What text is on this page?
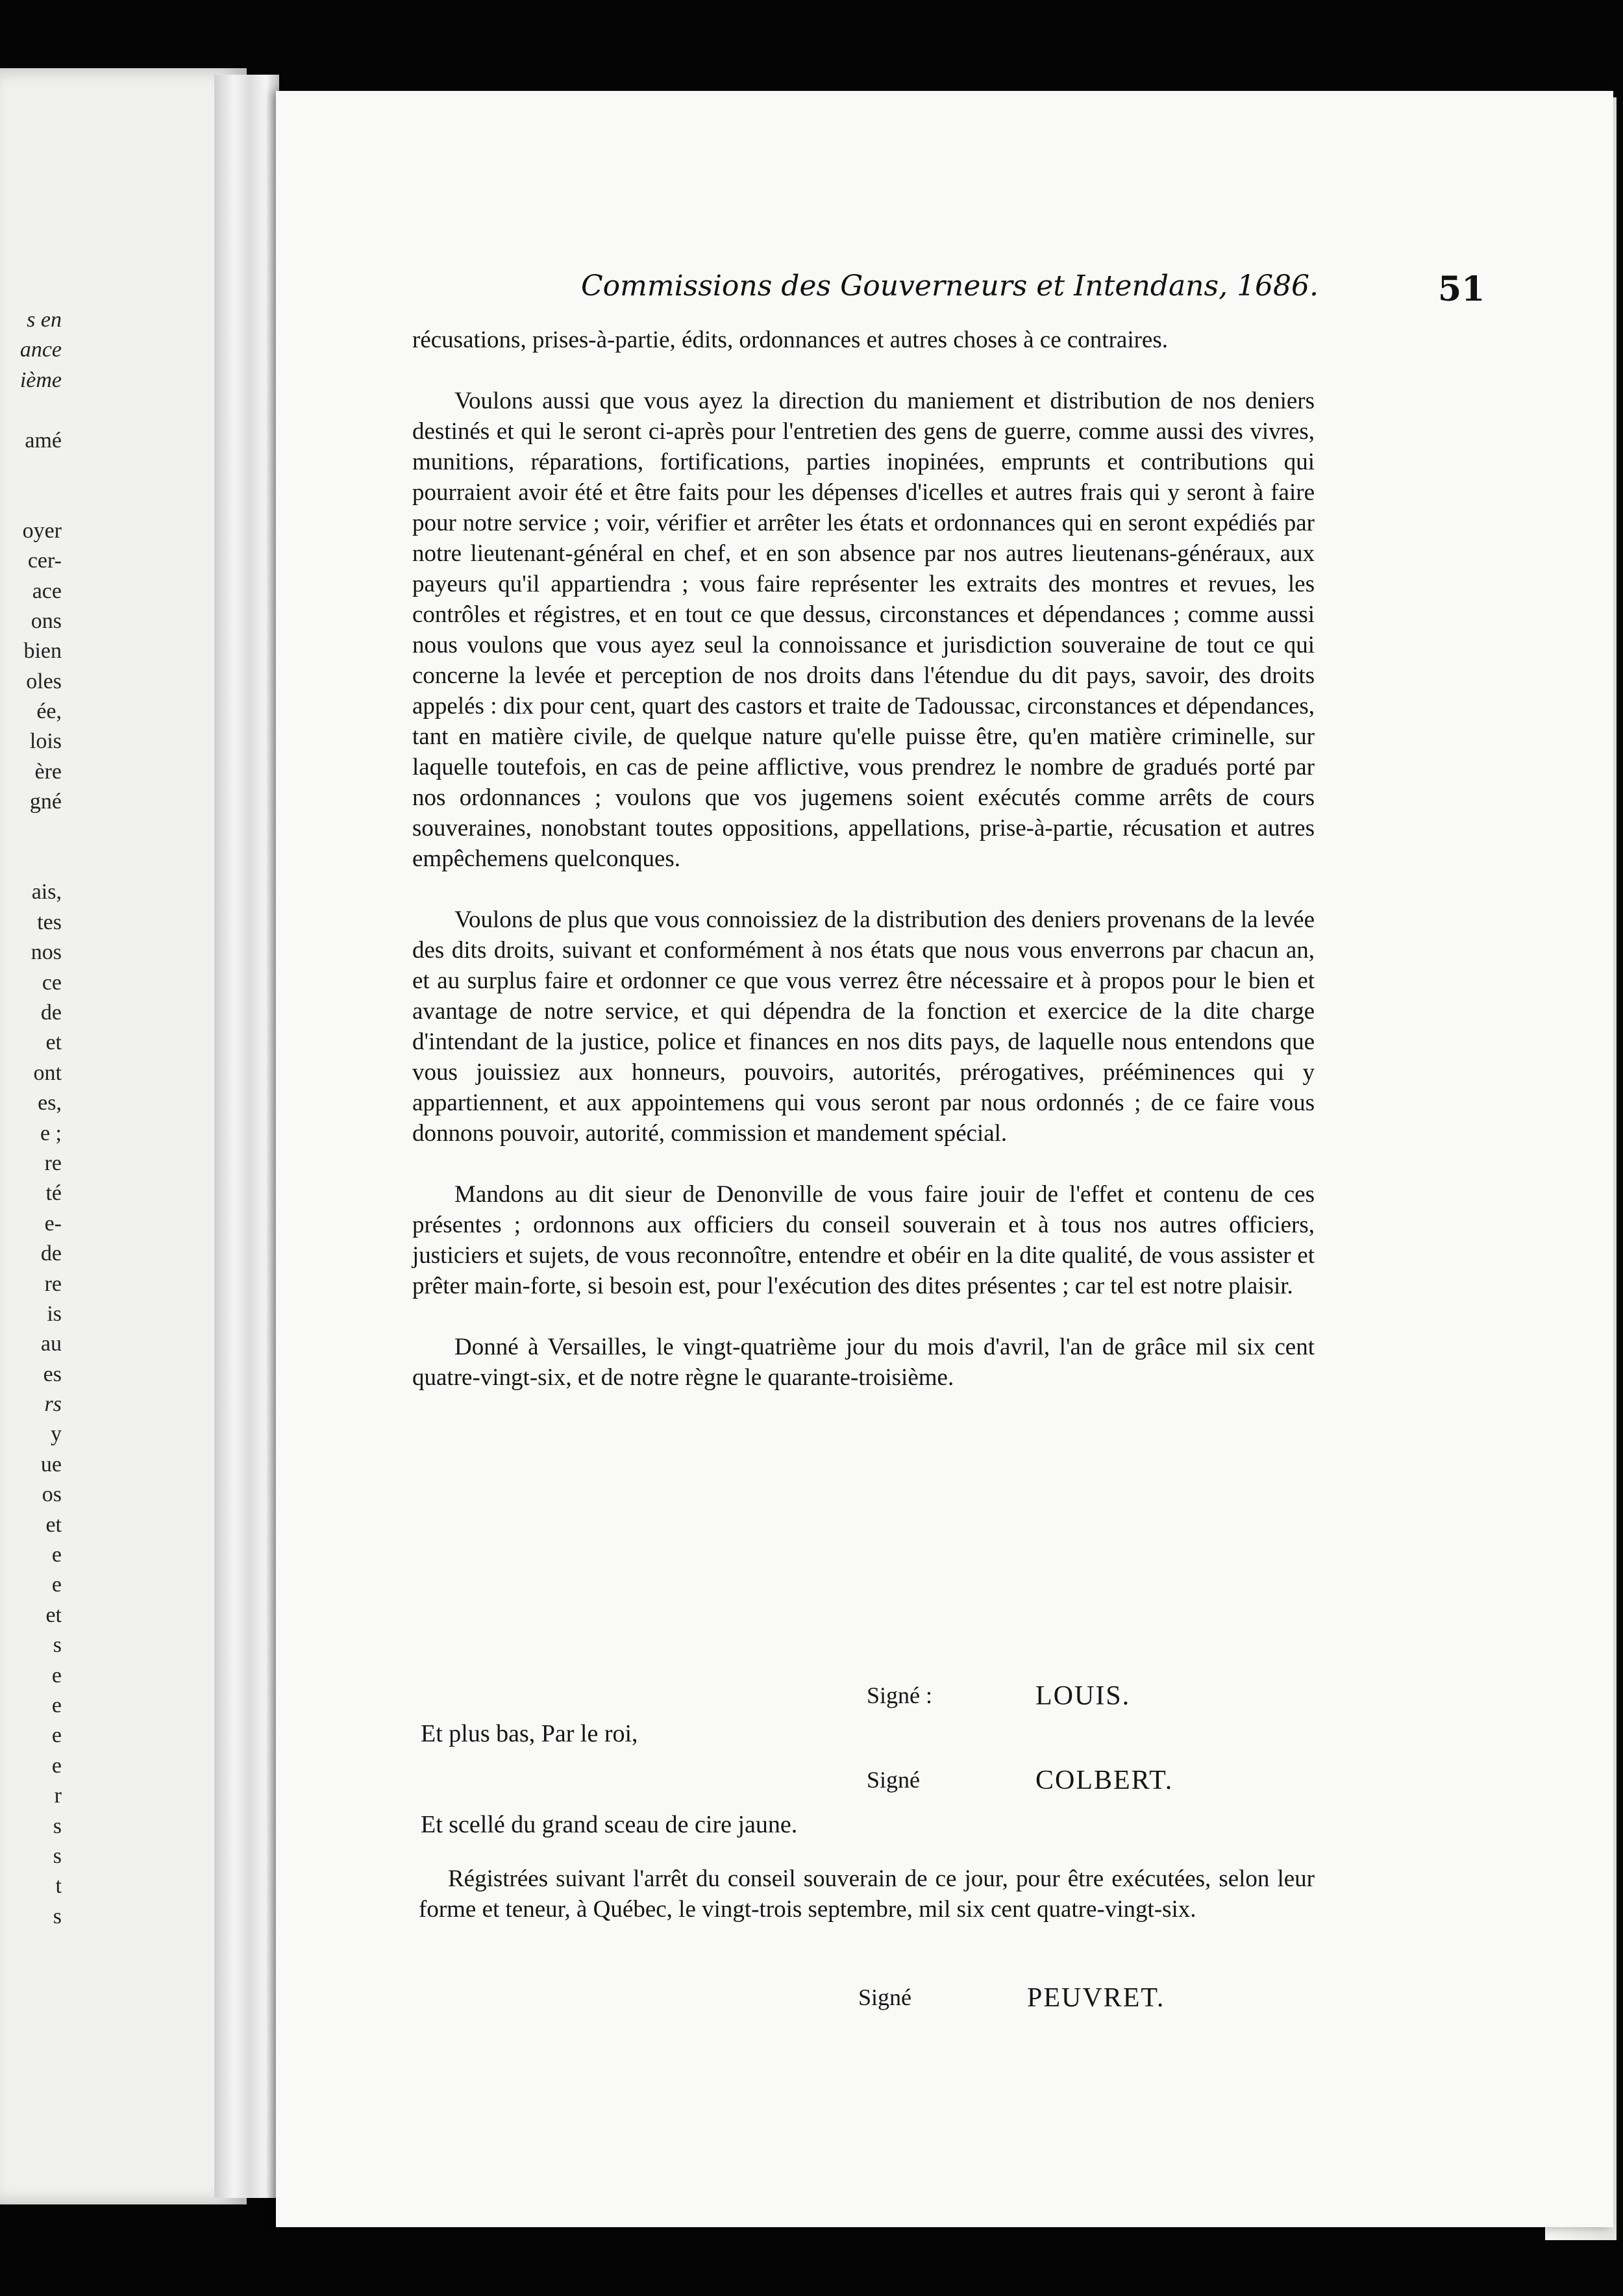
s en
ance
ième
amé
oyer
cer-
ace
ons
bien
oles
ée,
lois
ère
gné
ais,
tes
nos
ce
de
et
ont
es,
e ;
re
té
e-
de
re
is
au
es
rs
y
ue
os
et
e
e
et
s
e
e
e
e
r
s
s
t
s
Commissions des Gouverneurs et Intendans, 1686.	51

récusations, prises-à-partie, édits, ordonnances et autres choses à ce contraires.

Voulons aussi que vous ayez la direction du maniement et distribution de nos deniers destinés et qui le seront ci-après pour l'entretien des gens de guerre, comme aussi des vivres, munitions, réparations, fortifications, parties inopinées, emprunts et contributions qui pourraient avoir été et être faits pour les dépenses d'icelles et autres frais qui y seront à faire pour notre service ; voir, vérifier et arrêter les états et ordonnances qui en seront expédiés par notre lieutenant-général en chef, et en son absence par nos autres lieutenans-généraux, aux payeurs qu'il appartiendra ; vous faire représenter les extraits des montres et revues, les contrôles et régistres, et en tout ce que dessus, circonstances et dépendances ; comme aussi nous voulons que vous ayez seul la connoissance et jurisdiction souveraine de tout ce qui concerne la levée et perception de nos droits dans l'étendue du dit pays, savoir, des droits appelés : dix pour cent, quart des castors et traite de Tadoussac, circonstances et dépendances, tant en matière civile, de quelque nature qu'elle puisse être, qu'en matière criminelle, sur laquelle toutefois, en cas de peine afflictive, vous prendrez le nombre de gradués porté par nos ordonnances ; voulons que vos jugemens soient exécutés comme arrêts de cours souveraines, nonobstant toutes oppositions, appellations, prise-à-partie, récusation et autres empêchemens quelconques.

Voulons de plus que vous connoissiez de la distribution des deniers provenans de la levée des dits droits, suivant et conformément à nos états que nous vous enverrons par chacun an, et au surplus faire et ordonner ce que vous verrez être nécessaire et à propos pour le bien et avantage de notre service, et qui dépendra de la fonction et exercice de la dite charge d'intendant de la justice, police et finances en nos dits pays, de laquelle nous entendons que vous jouissiez aux honneurs, pouvoirs, autorités, prérogatives, prééminences qui y appartiennent, et aux appointemens qui vous seront par nous ordonnés ; de ce faire vous donnons pouvoir, autorité, commission et mandement spécial.

Mandons au dit sieur de Denonville de vous faire jouir de l'effet et contenu de ces présentes ; ordonnons aux officiers du conseil souverain et à tous nos autres officiers, justiciers et sujets, de vous reconnoître, entendre et obéir en la dite qualité, de vous assister et prêter main-forte, si besoin est, pour l'exécution des dites présentes ; car tel est notre plaisir.

Donné à Versailles, le vingt-quatrième jour du mois d'avril, l'an de grâce mil six cent quatre-vingt-six, et de notre règne le quarante-troisième.

Signé :	LOUIS.
Et plus bas, Par le roi,
Signé	COLBERT.
Et scellé du grand sceau de cire jaune.
Régistrées suivant l'arrêt du conseil souverain de ce jour, pour être exécutées, selon leur forme et teneur, à Québec, le vingt-trois septembre, mil six cent quatre-vingt-six.
Signé	PEUVRET.
